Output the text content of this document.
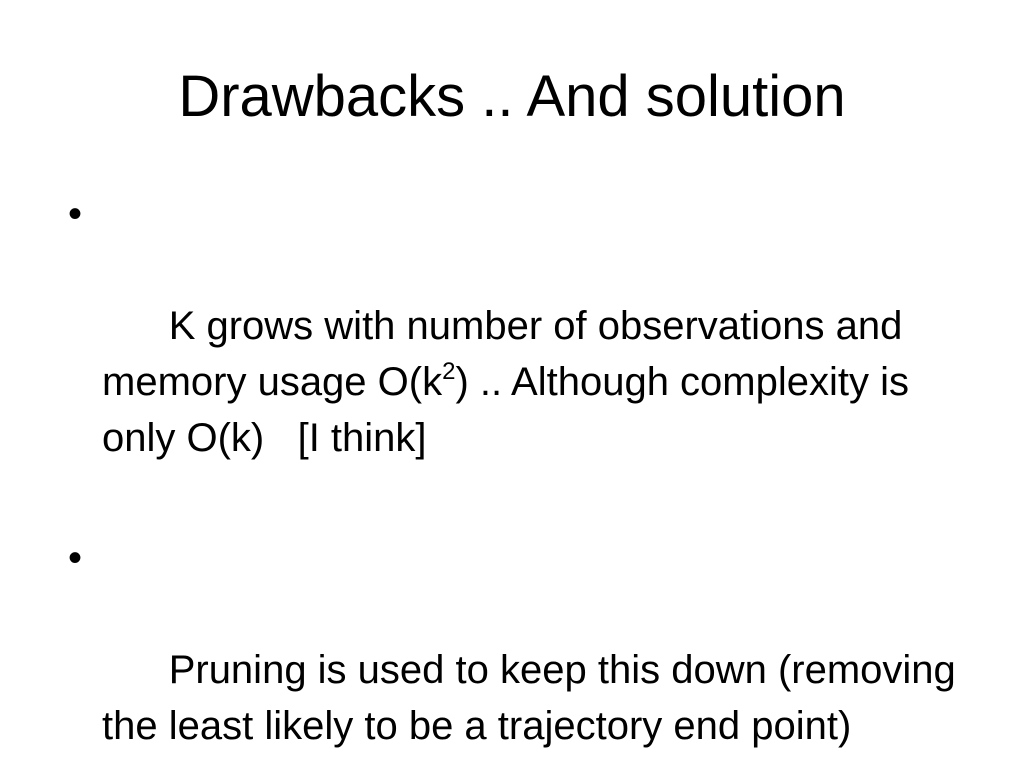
Drawbacks .. And solution

•

K grows with number of observations and memory usage $O(k^2)$ .. Although complexity is only O(k)   [I think]

•

Pruning is used to keep this down (removing the least likely to be a trajectory end point)
